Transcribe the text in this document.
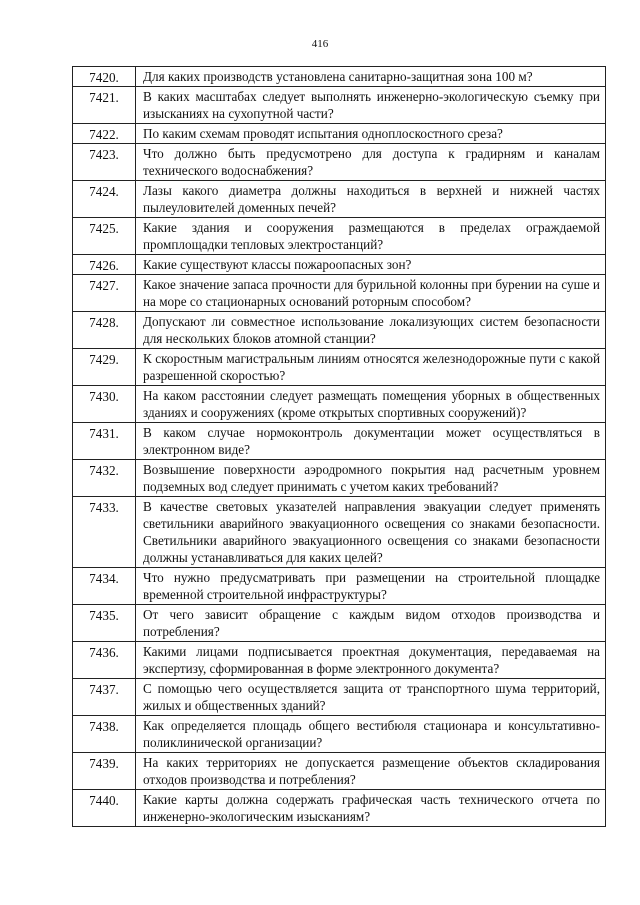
416
7420.	Для каких производств установлена санитарно-защитная зона 100 м?
7421.	В каких масштабах следует выполнять инженерно-экологическую съемку при изысканиях на сухопутной части?
7422.	По каким схемам проводят испытания одноплоскостного среза?
7423.	Что должно быть предусмотрено для доступа к градирням и каналам технического водоснабжения?
7424.	Лазы какого диаметра должны находиться в верхней и нижней частях пылеуловителей доменных печей?
7425.	Какие здания и сооружения размещаются в пределах ограждаемой промплощадки тепловых электростанций?
7426.	Какие существуют классы пожароопасных зон?
7427.	Какое значение запаса прочности для бурильной колонны при бурении на суше и на море со стационарных оснований роторным способом?
7428.	Допускают ли совместное использование локализующих систем безопасности для нескольких блоков атомной станции?
7429.	К скоростным магистральным линиям относятся железнодорожные пути с какой разрешенной скоростью?
7430.	На каком расстоянии следует размещать помещения уборных в общественных зданиях и сооружениях (кроме открытых спортивных сооружений)?
7431.	В каком случае нормоконтроль документации может осуществляться в электронном виде?
7432.	Возвышение поверхности аэродромного покрытия над расчетным уровнем подземных вод следует принимать с учетом каких требований?
7433.	В качестве световых указателей направления эвакуации следует применять светильники аварийного эвакуационного освещения со знаками безопасности. Светильники аварийного эвакуационного освещения со знаками безопасности должны устанавливаться для каких целей?
7434.	Что нужно предусматривать при размещении на строительной площадке временной строительной инфраструктуры?
7435.	От чего зависит обращение с каждым видом отходов производства и потребления?
7436.	Какими лицами подписывается проектная документация, передаваемая на экспертизу, сформированная в форме электронного документа?
7437.	С помощью чего осуществляется защита от транспортного шума территорий, жилых и общественных зданий?
7438.	Как определяется площадь общего вестибюля стационара и консультативно-поликлинической организации?
7439.	На каких территориях не допускается размещение объектов складирования отходов производства и потребления?
7440.	Какие карты должна содержать графическая часть технического отчета по инженерно-экологическим изысканиям?
